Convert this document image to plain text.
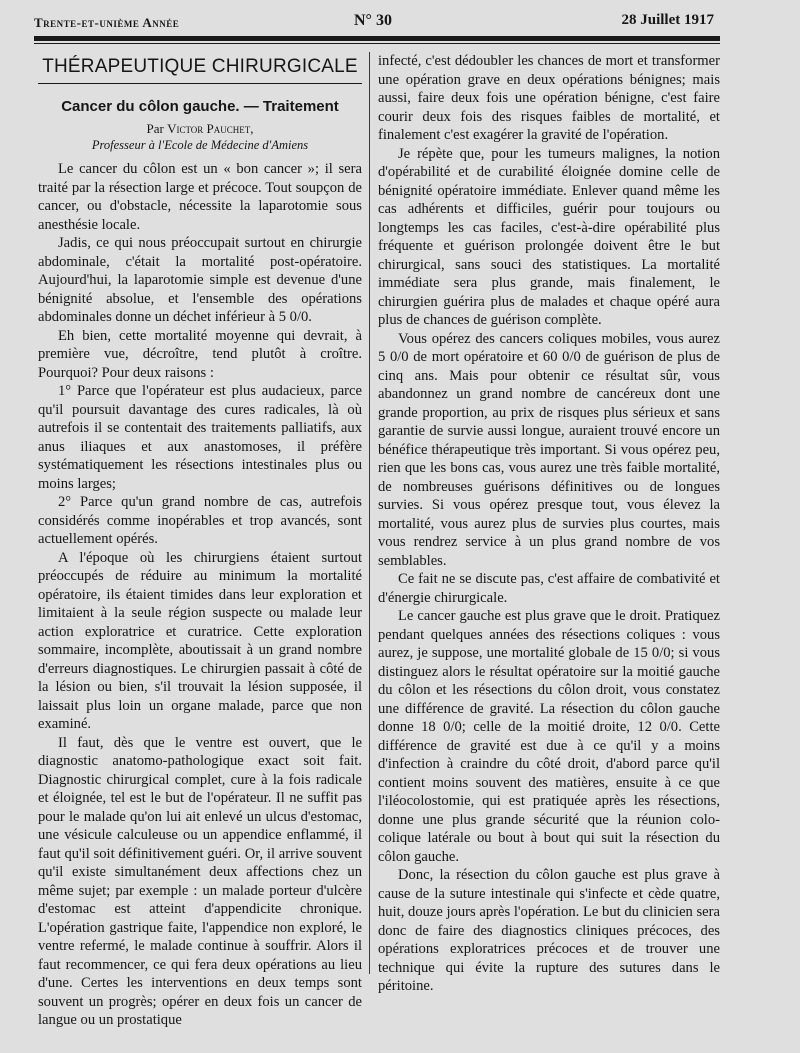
Trente-et-unième Année	N° 30	28 Juillet 1917
THÉRAPEUTIQUE CHIRURGICALE
Cancer du côlon gauche. — Traitement

Par Victor Pauchet,

Professeur à l'Ecole de Médecine d'Amiens

Le cancer du côlon est un « bon cancer »; il sera traité par la résection large et précoce. Tout soupçon de cancer, ou d'obstacle, nécessite la laparotomie sous anesthésie locale.

Jadis, ce qui nous préoccupait surtout en chirurgie abdominale, c'était la mortalité post-opératoire. Aujourd'hui, la laparotomie simple est devenue d'une bénignité absolue, et l'ensemble des opérations abdominales donne un déchet inférieur à 5 0/0.

Eh bien, cette mortalité moyenne qui devrait, à première vue, décroître, tend plutôt à croître. Pourquoi? Pour deux raisons :

1° Parce que l'opérateur est plus audacieux, parce qu'il poursuit davantage des cures radicales, là où autrefois il se contentait des traitements palliatifs, aux anus iliaques et aux anastomoses, il préfère systématiquement les résections intestinales plus ou moins larges;

2° Parce qu'un grand nombre de cas, autrefois considérés comme inopérables et trop avancés, sont actuellement opérés.

A l'époque où les chirurgiens étaient surtout préoccupés de réduire au minimum la mortalité opératoire, ils étaient timides dans leur exploration et limitaient à la seule région suspecte ou malade leur action exploratrice et curatrice. Cette exploration sommaire, incomplète, aboutissait à un grand nombre d'erreurs diagnostiques. Le chirurgien passait à côté de la lésion ou bien, s'il trouvait la lésion supposée, il laissait plus loin un organe malade, parce que non examiné.

Il faut, dès que le ventre est ouvert, que le diagnostic anatomo-pathologique exact soit fait. Diagnostic chirurgical complet, cure à la fois radicale et éloignée, tel est le but de l'opérateur. Il ne suffit pas pour le malade qu'on lui ait enlevé un ulcus d'estomac, une vésicule calculeuse ou un appendice enflammé, il faut qu'il soit définitivement guéri. Or, il arrive souvent qu'il existe simultanément deux affections chez un même sujet; par exemple : un malade porteur d'ulcère d'estomac est atteint d'appendicite chronique. L'opération gastrique faite, l'appendice non exploré, le ventre refermé, le malade continue à souffrir. Alors il faut recommencer, ce qui fera deux opérations au lieu d'une. Certes les interventions en deux temps sont souvent un progrès; opérer en deux fois un cancer de langue ou un prostatique

infecté, c'est dédoubler les chances de mort et transformer une opération grave en deux opérations bénignes; mais aussi, faire deux fois une opération bénigne, c'est faire courir deux fois des risques faibles de mortalité, et finalement c'est exagérer la gravité de l'opération.

Je répète que, pour les tumeurs malignes, la notion d'opérabilité et de curabilité éloignée domine celle de bénignité opératoire immédiate. Enlever quand même les cas adhérents et difficiles, guérir pour toujours ou longtemps les cas faciles, c'est-à-dire opérabilité plus fréquente et guérison prolongée doivent être le but chirurgical, sans souci des statistiques. La mortalité immédiate sera plus grande, mais finalement, le chirurgien guérira plus de malades et chaque opéré aura plus de chances de guérison complète.

Vous opérez des cancers coliques mobiles, vous aurez 5 0/0 de mort opératoire et 60 0/0 de guérison de plus de cinq ans. Mais pour obtenir ce résultat sûr, vous abandonnez un grand nombre de cancéreux dont une grande proportion, au prix de risques plus sérieux et sans garantie de survie aussi longue, auraient trouvé encore un bénéfice thérapeutique très important. Si vous opérez peu, rien que les bons cas, vous aurez une très faible mortalité, de nombreuses guérisons définitives ou de longues survies. Si vous opérez presque tout, vous élevez la mortalité, vous aurez plus de survies plus courtes, mais vous rendrez service à un plus grand nombre de vos semblables.

Ce fait ne se discute pas, c'est affaire de combativité et d'énergie chirurgicale.

Le cancer gauche est plus grave que le droit. Pratiquez pendant quelques années des résections coliques : vous aurez, je suppose, une mortalité globale de 15 0/0; si vous distinguez alors le résultat opératoire sur la moitié gauche du côlon et les résections du côlon droit, vous constatez une différence de gravité. La résection du côlon gauche donne 18 0/0; celle de la moitié droite, 12 0/0. Cette différence de gravité est due à ce qu'il y a moins d'infection à craindre du côté droit, d'abord parce qu'il contient moins souvent des matières, ensuite à ce que l'iléocolostomie, qui est pratiquée après les résections, donne une plus grande sécurité que la réunion colo-colique latérale ou bout à bout qui suit la résection du côlon gauche.

Donc, la résection du côlon gauche est plus grave à cause de la suture intestinale qui s'infecte et cède quatre, huit, douze jours après l'opération. Le but du clinicien sera donc de faire des diagnostics cliniques précoces, des opérations exploratrices précoces et de trouver une technique qui évite la rupture des sutures dans le péritoine.
